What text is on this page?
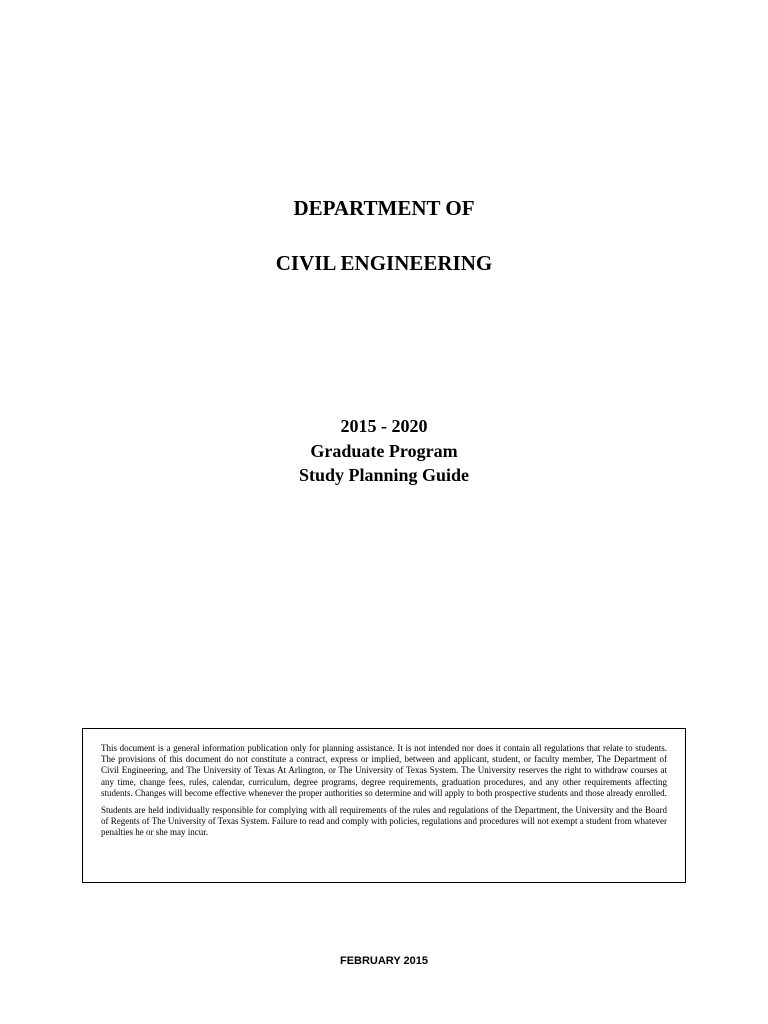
DEPARTMENT OF
CIVIL ENGINEERING
2015 - 2020
Graduate Program
Study Planning Guide

This document is a general information publication only for planning assistance. It is not intended nor does it contain all regulations that relate to students. The provisions of this document do not constitute a contract, express or implied, between and applicant, student, or faculty member, The Department of Civil Engineering, and The University of Texas At Arlington, or The University of Texas System. The University reserves the right to withdraw courses at any time, change fees, rules, calendar, curriculum, degree programs, degree requirements, graduation procedures, and any other requirements affecting students. Changes will become effective whenever the proper authorities so determine and will apply to both prospective students and those already enrolled.

Students are held individually responsible for complying with all requirements of the rules and regulations of the Department, the University and the Board of Regents of The University of Texas System. Failure to read and comply with policies, regulations and procedures will not exempt a student from whatever penalties he or she may incur.

FEBRUARY 2015
